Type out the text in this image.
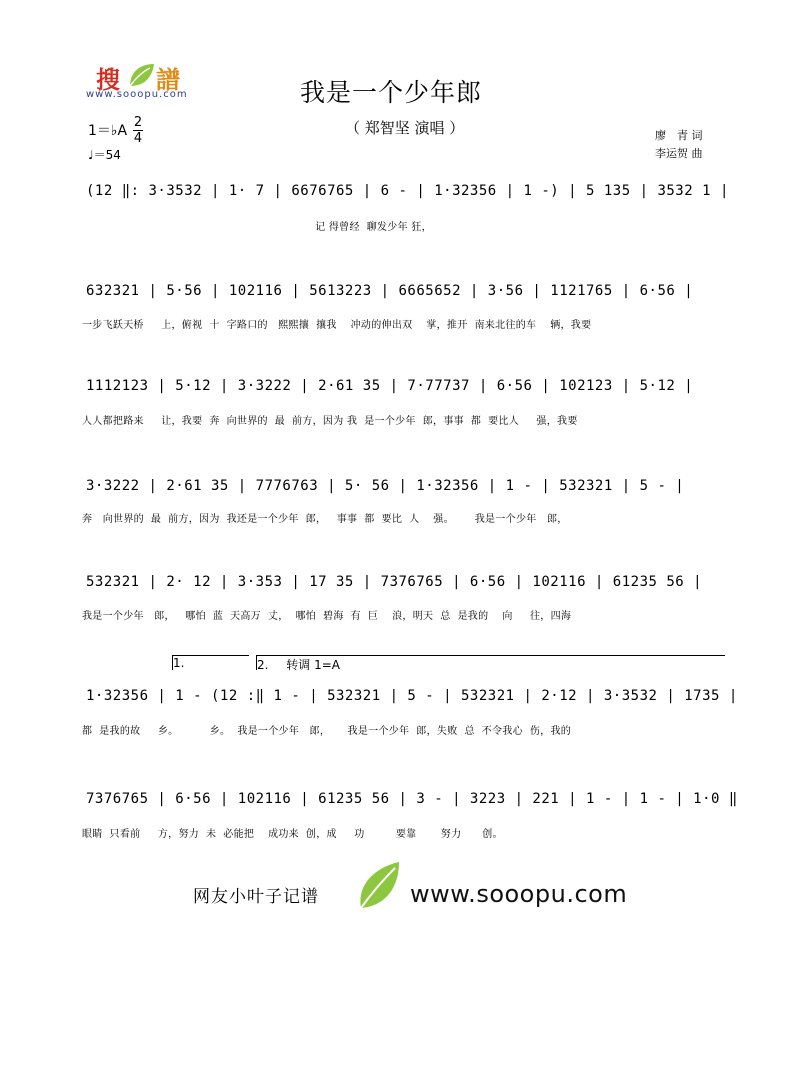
搜 譜
www.sooopu.com	我是一个少年郎
（ 郑智坚 演唱 ）
1＝♭A
2
4
♩＝54
廖　青 词
李运贺 曲
(12 ‖: 3·3532 | 1· 7 | 6676765 | 6 - | 1·32356 | 1 -) | 5 135 | 3532 1 |
记 得曾经  聊发少年 狂，
632321 | 5·56 | 102116 | 5613223 | 6665652 | 3·56 | 1121765 | 6·56 |
一步飞跃天桥     上，俯视  十  字路口的   熙熙攘  攘我    冲动的伸出双    掌，推开  南来北往的车    辆，我要
1112123 | 5·12 | 3·3222 | 2·61 35 | 7·77737 | 6·56 | 102123 | 5·12 |
人人都把路来     让，我要  奔  向世界的  最  前方，因为 我  是一个少年  郎，事事  都  要比人     强，我要
3·3222 | 2·61 35 | 7776763 | 5· 56 | 1·32356 | 1 - | 532321 | 5 - |
奔   向世界的  最  前方，因为  我还是一个少年  郎，   事事  都  要比  人    强。      我是一个少年   郎，
532321 | 2· 12 | 3·353 | 17 35 | 7376765 | 6·56 | 102116 | 61235 56 |
我是一个少年   郎，   哪怕  蓝  天高万  丈，  哪怕  碧海  有  巨    浪，明天  总  是我的    向     往，四海
1.	2. 转调 1=A
1·32356 | 1 - (12 :‖ 1 - | 532321 | 5 - | 532321 | 2·12 | 3·3532 | 1735 |
都  是我的故     乡。         乡。  我是一个少年   郎，     我是一个少年  郎，失败  总  不令我心  伤，我的
7376765 | 6·56 | 102116 | 61235 56 | 3 - | 3223 | 221 | 1 - | 1 - | 1·0 ‖
眼睛  只看前     方，努力  未  必能把    成功来  创，成     功         要靠       努力      创。
网友小叶子记谱	www.sooopu.com
